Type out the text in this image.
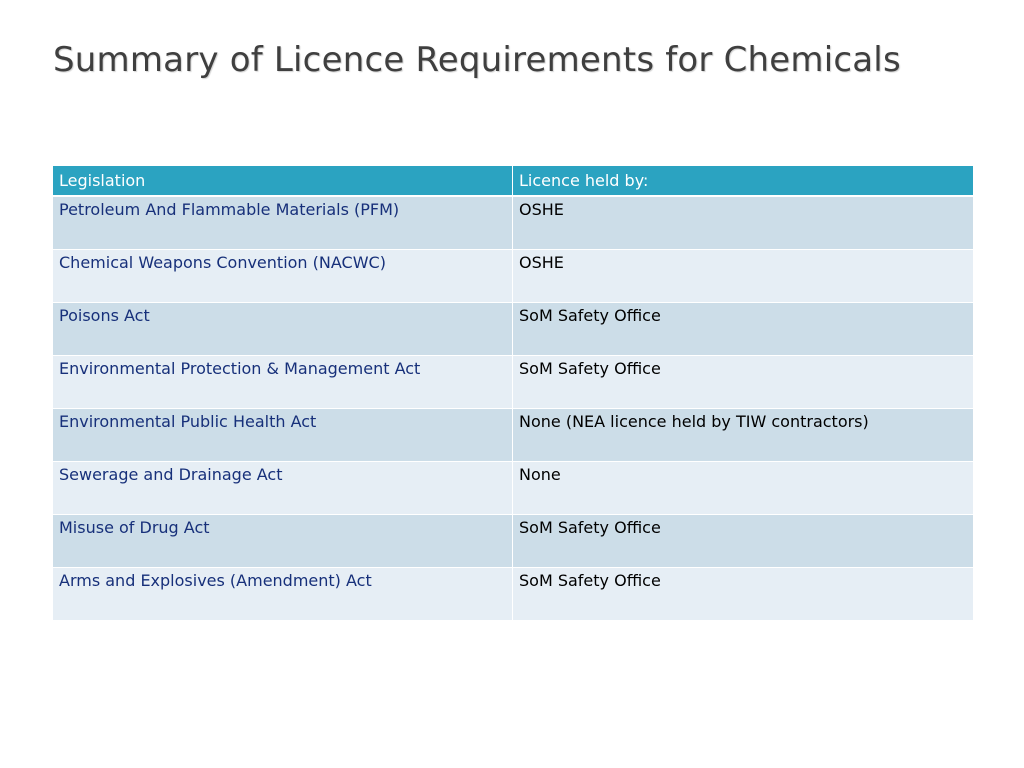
Summary of Licence Requirements for Chemicals
Legislation	Licence held by:
Petroleum And Flammable Materials (PFM)	OSHE
Chemical Weapons Convention (NACWC)	OSHE
Poisons Act	SoM Safety Office
Environmental Protection & Management Act	SoM Safety Office
Environmental Public Health Act	None (NEA licence held by TIW contractors)
Sewerage and Drainage Act	None
Misuse of Drug Act	SoM Safety Office
Arms and Explosives (Amendment) Act	SoM Safety Office
